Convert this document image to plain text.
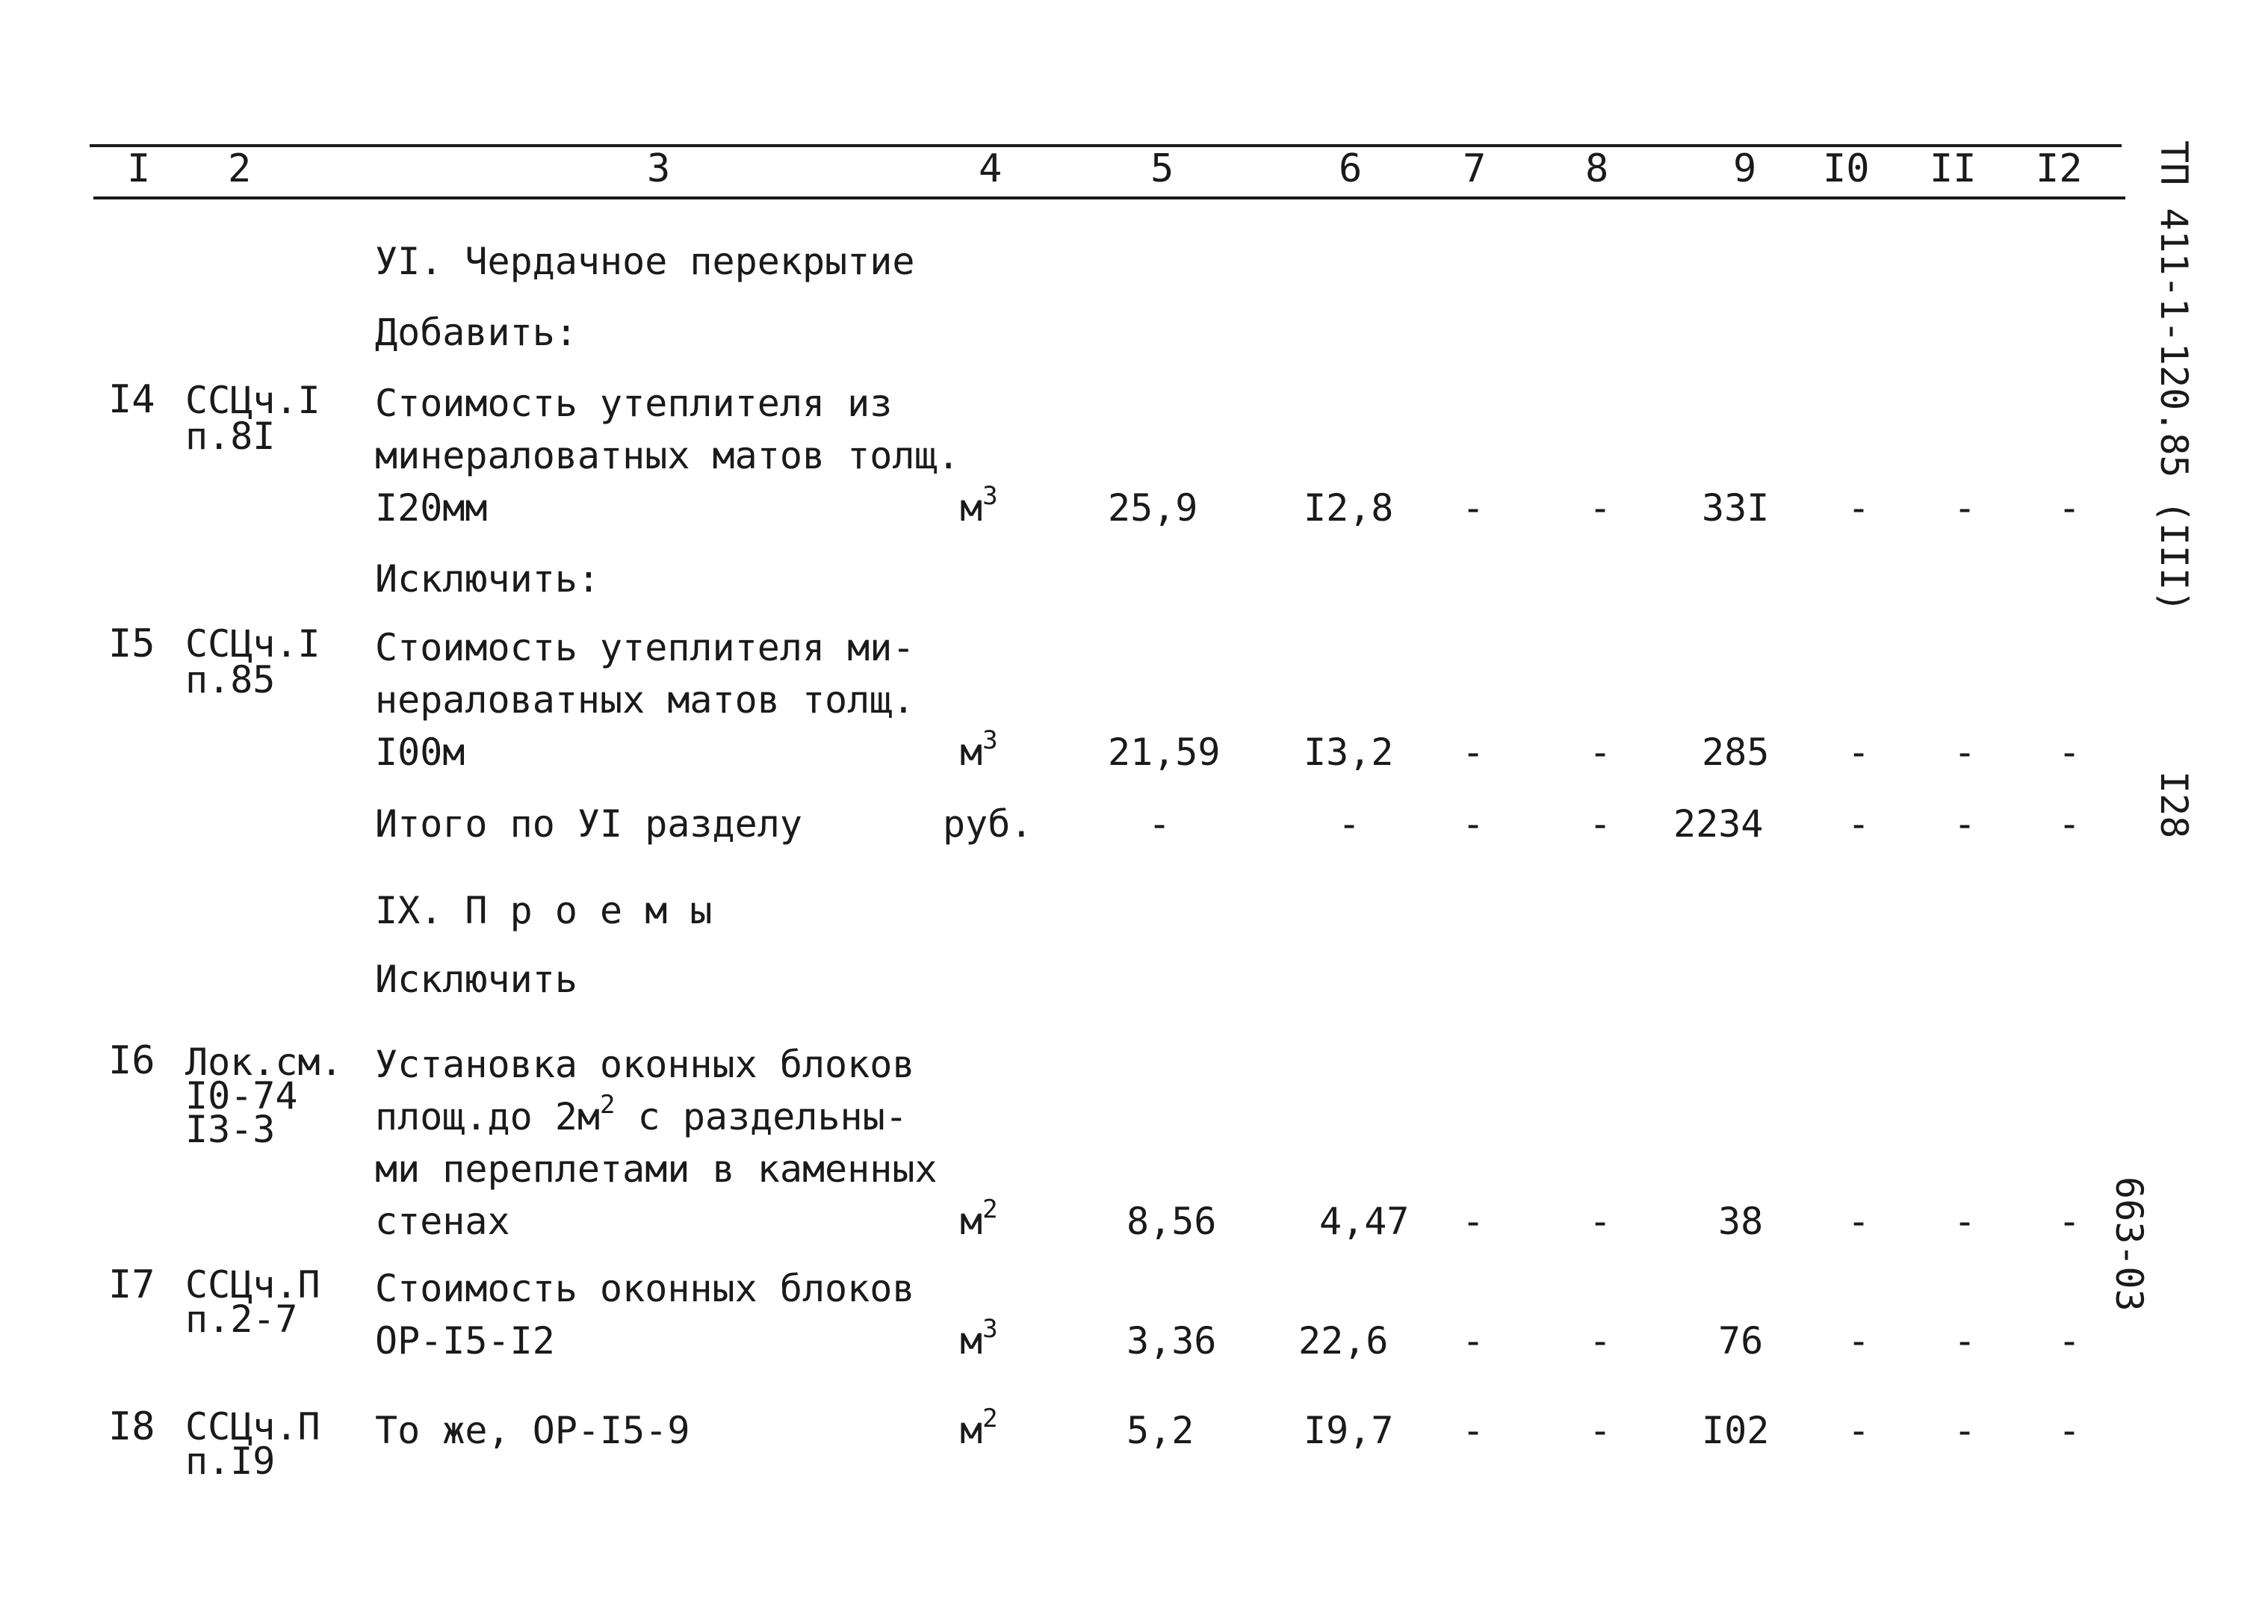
I 2	3	4	5	6	7	8	9 I0 II I2
УI. Чердачное перекрытие
Добавить:
I4 ССЦч.I
п.8I
Стоимость утеплителя из
минераловатных матов толщ.
I20мм	$м^3$	25,9	I2,8 -	- 33I - - -
Исключить:
I5 ССЦч.I
п.85
Стоимость утеплителя ми-
нераловатных матов толщ.
I00м	$м^3$	21,59 I3,2 -	- 285 - - -
Итого по УI разделу	руб.	-	-	-	- 2234 - - -
IX. П р о е м ы
Исключить
I6 Лок.см.
I0-74
I3-3
Установка оконных блоков
площ.до $2м^2$ с раздельны-
ми переплетами в каменных
стенах	$м^2$	8,56	4,47 -	-	38 - - -
I7 ССЦч.П
п.2-7
Стоимость оконных блоков
ОР-I5-I2	$м^3$	3,36 22,6 -	-	76 - - -
I8 ССЦч.П
п.I9
То же, ОР-I5-9	$м^2$	5,2	I9,7 -	- I02 - - -
ТП 411-1-120.85 (III)
I28
663-03
